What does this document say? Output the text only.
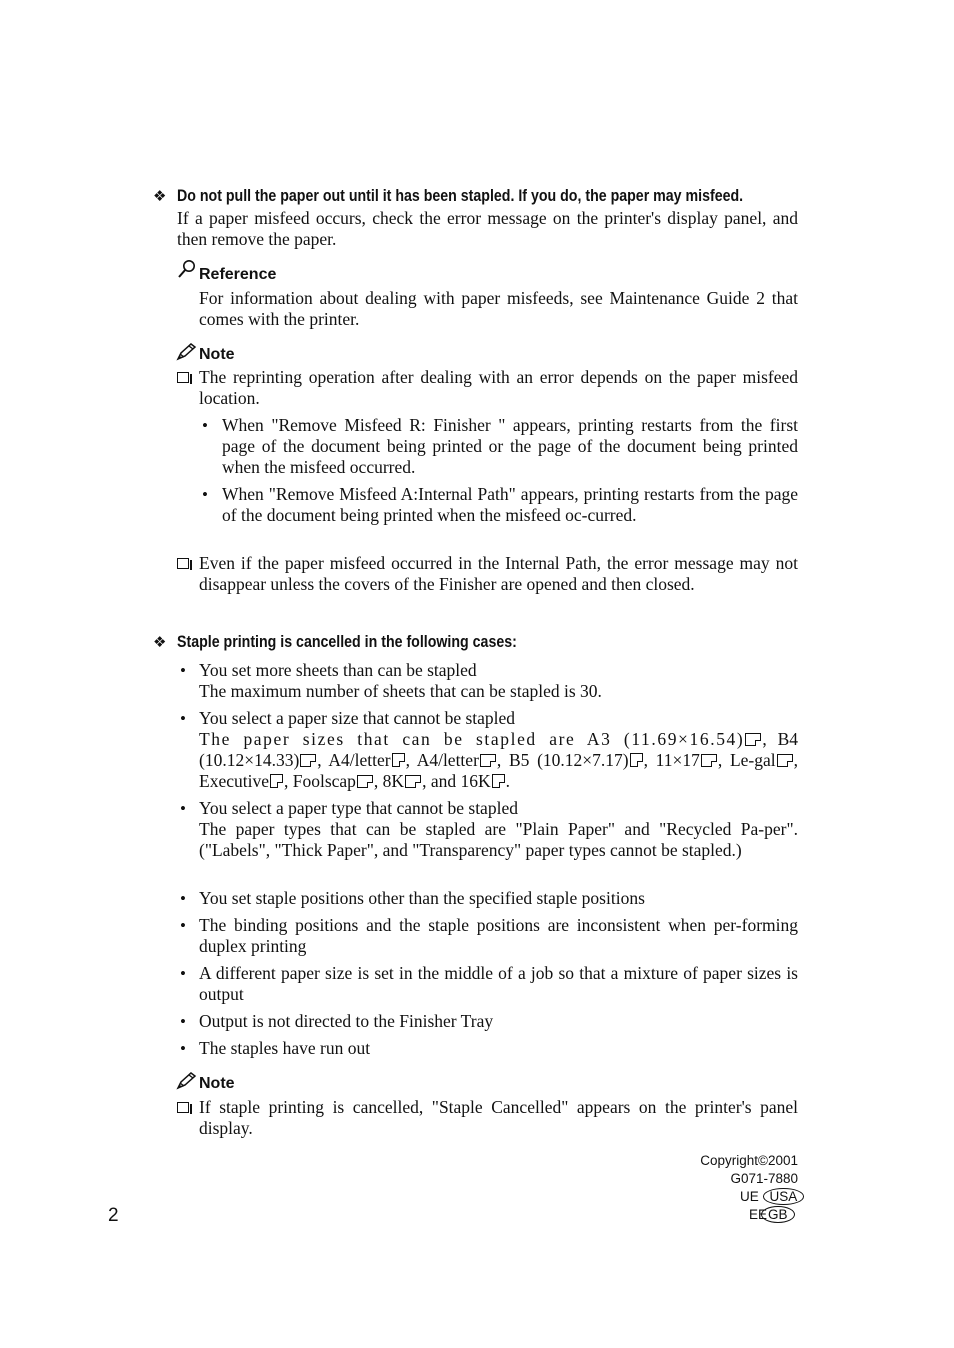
❖ Do not pull the paper out until it has been stapled. If you do, the paper may misfeed.
If a paper misfeed occurs, check the error message on the printer's display panel, and then remove the paper.
Reference
For information about dealing with paper misfeeds, see Maintenance Guide 2 that comes with the printer.
Note
The reprinting operation after dealing with an error depends on the paper misfeed location.
• When "Remove Misfeed R: Finisher " appears, printing restarts from the first page of the document being printed or the page of the document being printed when the misfeed occurred.
• When "Remove Misfeed A:Internal Path" appears, printing restarts from the page of the document being printed when the misfeed oc-curred.
Even if the paper misfeed occurred in the Internal Path, the error message may not disappear unless the covers of the Finisher are opened and then closed.
❖ Staple printing is cancelled in the following cases:
• You set more sheets than can be stapled
The maximum number of sheets that can be stapled is 30.
• You select a paper size that cannot be stapled
The paper sizes that can be stapled are A3 (11.69×16.54) , B4 (10.12×14.33) , A4/letter , A4/letter , B5 (10.12×7.17) , 11×17 , Le-gal , Executive , Foolscap , 8K , and 16K .
• You select a paper type that cannot be stapled
The paper types that can be stapled are "Plain Paper" and "Recycled Pa-per". ("Labels", "Thick Paper", and "Transparency" paper types cannot be stapled.)
• You set staple positions other than the specified staple positions
• The binding positions and the staple positions are inconsistent when per-forming duplex printing
• A different paper size is set in the middle of a job so that a mixture of paper sizes is output
• Output is not directed to the Finisher Tray
• The staples have run out
Note
If staple printing is cancelled, "Staple Cancelled" appears on the printer's panel display.
2
Copyright©2001
G071-7880
UE USA
EEGB
